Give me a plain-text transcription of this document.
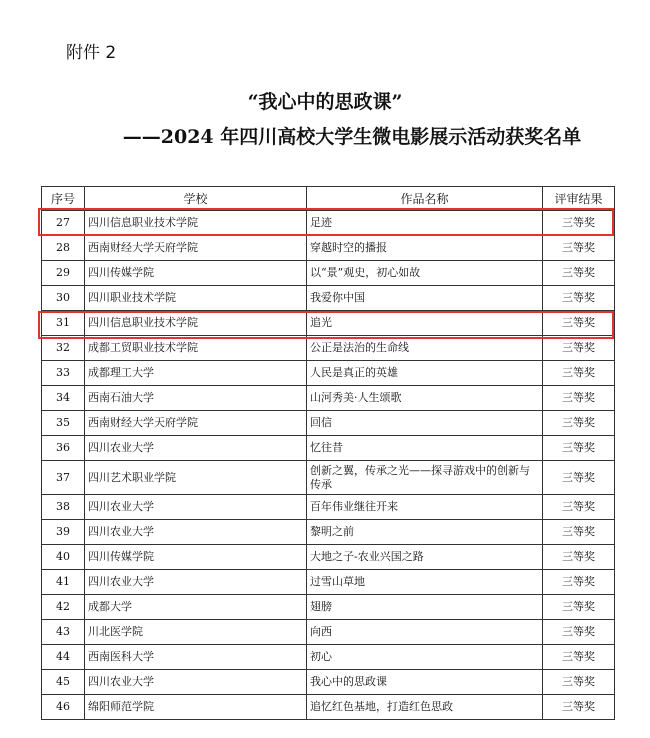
附件 2
“我心中的思政课”
——2024 年四川高校大学生微电影展示活动获奖名单
序号	学校	作品名称	评审结果
27	四川信息职业技术学院	足迹	三等奖
28	西南财经大学天府学院	穿越时空的播报	三等奖
29	四川传媒学院	以“景”观史，初心如故	三等奖
30	四川职业技术学院	我爱你中国	三等奖
31	四川信息职业技术学院	追光	三等奖
32	成都工贸职业技术学院	公正是法治的生命线	三等奖
33	成都理工大学	人民是真正的英雄	三等奖
34	西南石油大学	山河秀美·人生颂歌	三等奖
35	西南财经大学天府学院	回信	三等奖
36	四川农业大学	忆往昔	三等奖
37	四川艺术职业学院	创新之翼，传承之光——探寻游戏中的创新与传承	三等奖
38	四川农业大学	百年伟业继往开来	三等奖
39	四川农业大学	黎明之前	三等奖
40	四川传媒学院	大地之子-农业兴国之路	三等奖
41	四川农业大学	过雪山草地	三等奖
42	成都大学	翅膀	三等奖
43	川北医学院	向西	三等奖
44	西南医科大学	初心	三等奖
45	四川农业大学	我心中的思政课	三等奖
46	绵阳师范学院	追忆红色基地，打造红色思政	三等奖
